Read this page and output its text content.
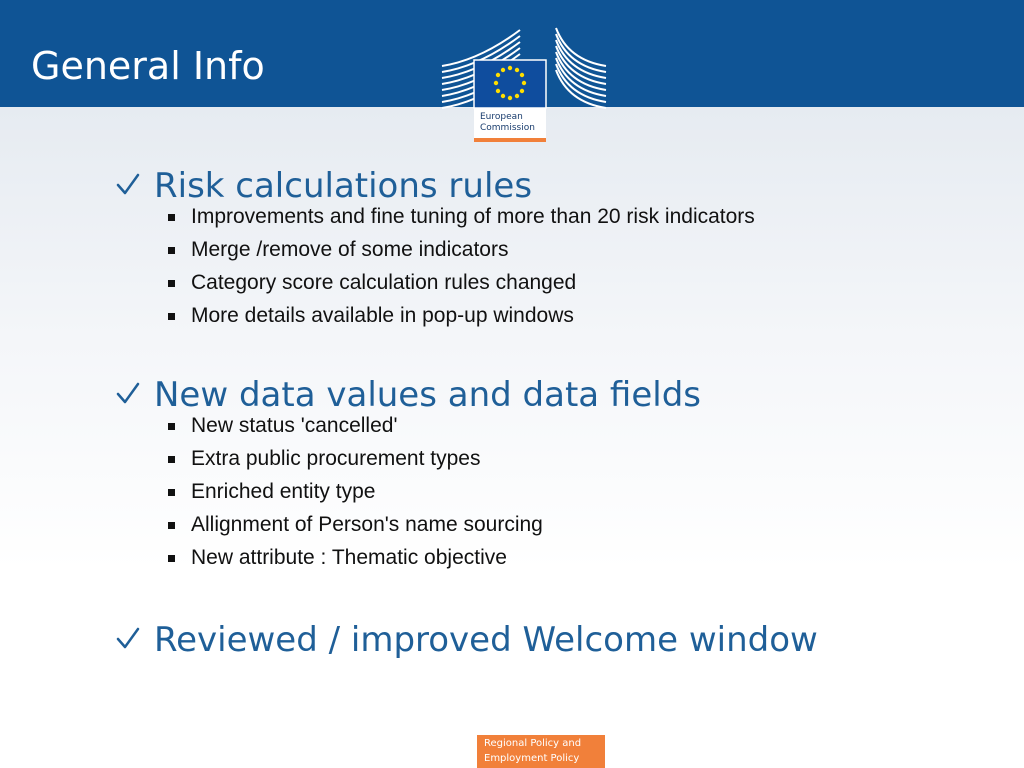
General Info
European
Commission
Risk calculations rules
Improvements and fine tuning of more than 20 risk indicators
Merge /remove of some indicators
Category score calculation rules changed
More details available in pop-up windows
New data values and data fields
New status 'cancelled'
Extra public procurement types
Enriched entity type
Allignment of Person's name sourcing
New attribute : Thematic objective
Reviewed / improved Welcome window
Regional Policy and
Employment Policy
